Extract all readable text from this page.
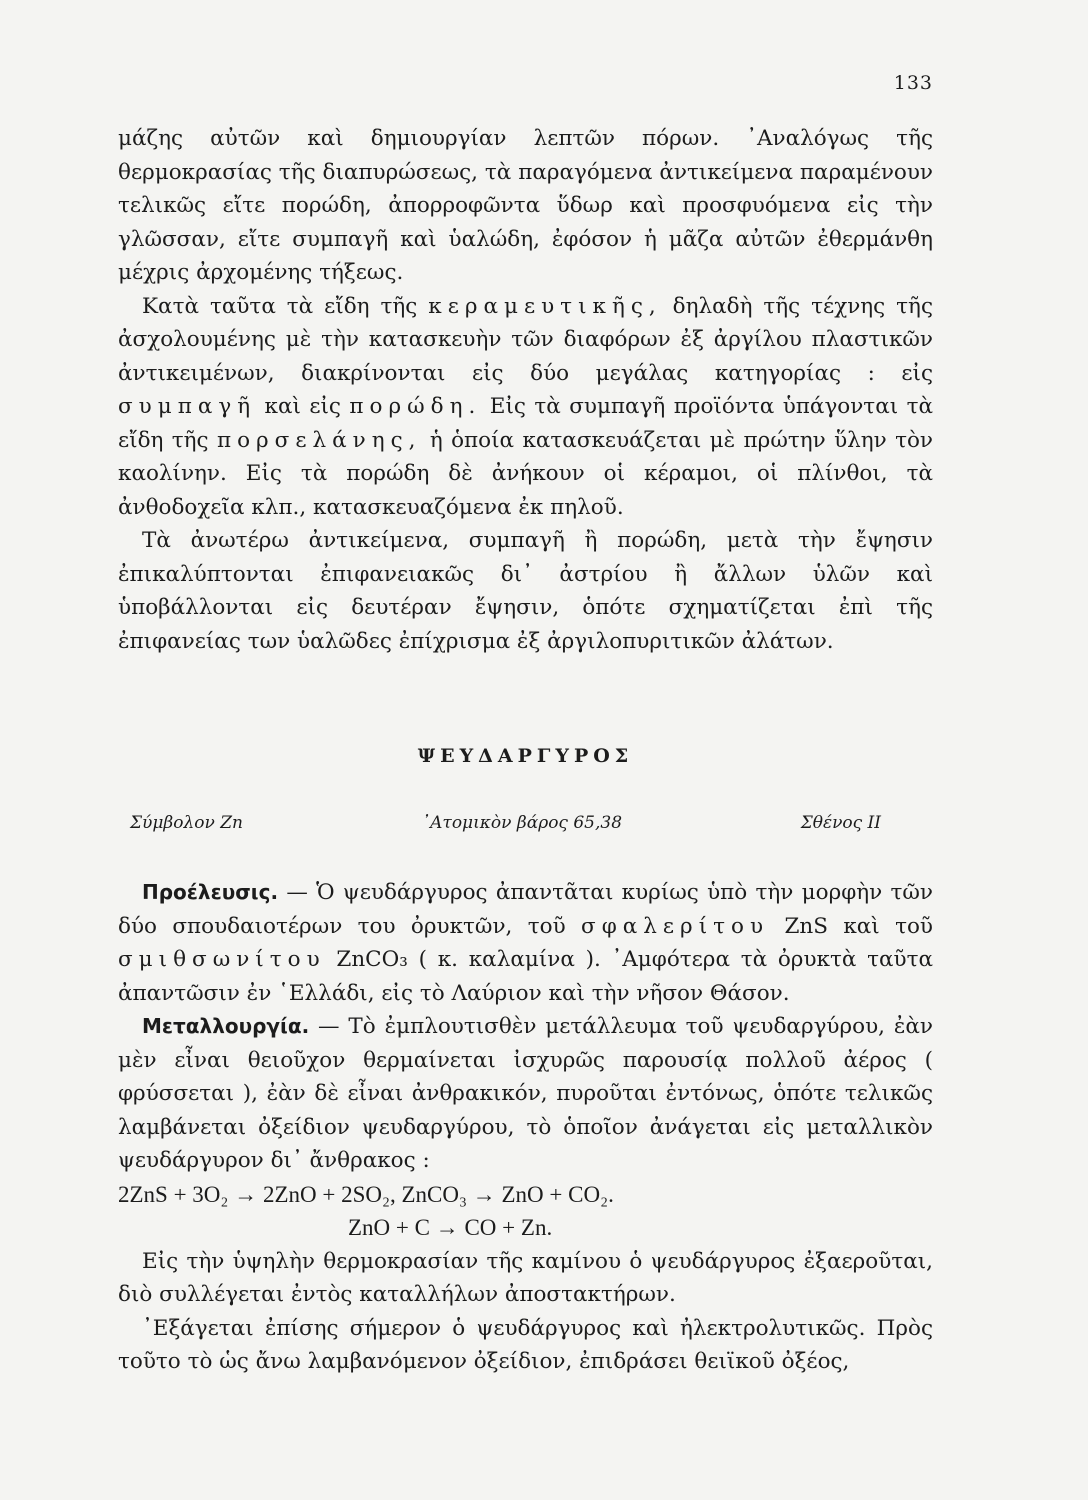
133

μάζης αὐτῶν καὶ δημιουργίαν λεπτῶν πόρων. ᾿Αναλόγως τῆς θερμοκρασίας τῆς διαπυρώσεως, τὰ παραγόμενα ἀντικείμενα παραμένουν τελικῶς εἴτε πορώδη, ἀπορροφῶντα ὕδωρ καὶ προσφυόμενα εἰς τὴν γλῶσσαν, εἴτε συμπαγῆ καὶ ὑαλώδη, ἐφόσον ἡ μᾶζα αὐτῶν ἐθερμάνθη μέχρις ἀρχομένης τήξεως.

Κατὰ ταῦτα τὰ εἴδη τῆς κεραμευτικῆς, δηλαδὴ τῆς τέχνης τῆς ἀσχολουμένης μὲ τὴν κατασκευὴν τῶν διαφόρων ἐξ ἀργίλου πλαστικῶν ἀντικειμένων, διακρίνονται εἰς δύο μεγάλας κατηγορίας : εἰς συμπαγῆ καὶ εἰς πορώδη. Εἰς τὰ συμπαγῆ προϊόντα ὑπάγονται τὰ εἴδη τῆς πορσελάνης, ἡ ὁποία κατασκευάζεται μὲ πρώτην ὕλην τὸν καολίνην. Εἰς τὰ πορώδη δὲ ἀνήκουν οἱ κέραμοι, οἱ πλίνθοι, τὰ ἀνθοδοχεῖα κλπ., κατασκευαζόμενα ἐκ πηλοῦ.

Τὰ ἀνωτέρω ἀντικείμενα, συμπαγῆ ἢ πορώδη, μετὰ τὴν ἔψησιν ἐπικαλύπτονται ἐπιφανειακῶς δι᾿ ἀστρίου ἢ ἄλλων ὑλῶν καὶ ὑποβάλλονται εἰς δευτέραν ἔψησιν, ὁπότε σχηματίζεται ἐπὶ τῆς ἐπιφανείας των ὑαλῶδες ἐπίχρισμα ἐξ ἀργιλοπυριτικῶν ἀλάτων.

ΨΕΥΔΑΡΓΥΡΟΣ
Σύμβολον Zn	᾿Ατομικὸν βάρος 65,38	Σθένος II

Προέλευσις. — Ὁ ψευδάργυρος ἀπαντᾶται κυρίως ὑπὸ τὴν μορφὴν τῶν δύο σπουδαιοτέρων του ὀρυκτῶν, τοῦ σφαλερίτου ZnS καὶ τοῦ σμιθσωνίτου ZnCO₃ ( κ. καλαμίνα ). ᾿Αμφότερα τὰ ὀρυκτὰ ταῦτα ἀπαντῶσιν ἐν ῾Ελλάδι, εἰς τὸ Λαύριον καὶ τὴν νῆσον Θάσον.

Μεταλλουργία. — Τὸ ἐμπλουτισθὲν μετάλλευμα τοῦ ψευδαργύρου, ἐὰν μὲν εἶναι θειοῦχον θερμαίνεται ἰσχυρῶς παρουσίᾳ πολλοῦ ἀέρος ( φρύσσεται ), ἐὰν δὲ εἶναι ἀνθρακικόν, πυροῦται ἐντόνως, ὁπότε τελικῶς λαμβάνεται ὀξείδιον ψευδαργύρου, τὸ ὁποῖον ἀνάγεται εἰς μεταλλικὸν ψευδάργυρον δι᾿ ἄνθρακος :

2ZnS + 3O₂ → 2ZnO + 2SO₂, ZnCO₃ → ZnO + CO₂.
ZnO + C → CO + Zn.

Εἰς τὴν ὑψηλὴν θερμοκρασίαν τῆς καμίνου ὁ ψευδάργυρος ἐξαεροῦται, διὸ συλλέγεται ἐντὸς καταλλήλων ἀποστακτήρων.

᾿Εξάγεται ἐπίσης σήμερον ὁ ψευδάργυρος καὶ ἠλεκτρολυτικῶς. Πρὸς τοῦτο τὸ ὡς ἄνω λαμβανόμενον ὀξείδιον, ἐπιδράσει θειϊκοῦ ὀξέος,
